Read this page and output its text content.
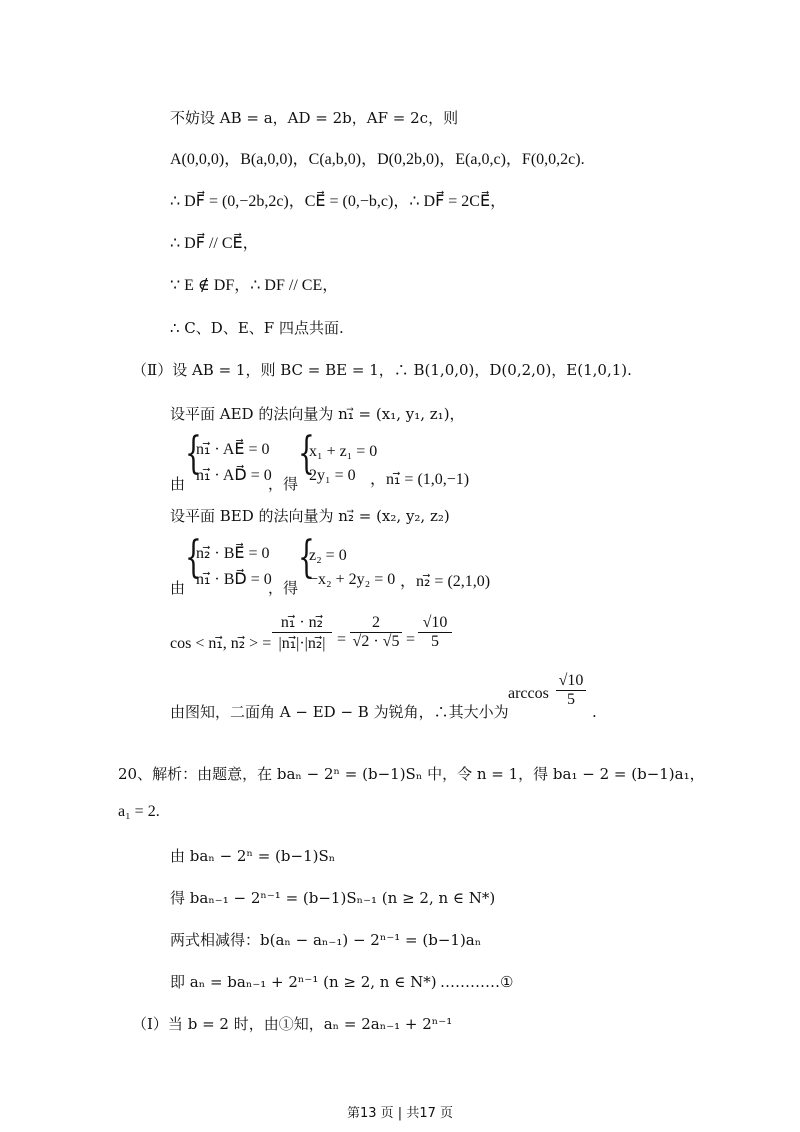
不妨设 AB = a，AD = 2b，AF = 2c，则
A(0,0,0)，B(a,0,0)，C(a,b,0)，D(0,2b,0)，E(a,0,c)，F(0,0,2c).
∴ DF⃗ = (0,−2b,2c)，CE⃗ = (0,−b,c)，∴ DF⃗ = 2CE⃗，
∴ DF⃗ // CE⃗，
∵ E ∉ DF，∴ DF // CE，
∴ C、D、E、F 四点共面.
（Ⅱ）设 AB = 1，则 BC = BE = 1，∴ B(1,0,0)，D(0,2,0)，E(1,0,1).
设平面 AED 的法向量为 n₁⃗ = (x₁, y₁, z₁)，
由
{
n₁⃗ · AE⃗ = 0
n₁⃗ · AD⃗ = 0
，得
{
x₁ + z₁ = 0
2y₁ = 0 ，n₁⃗ = (1,0,−1)
设平面 BED 的法向量为 n₂⃗ = (x₂, y₂, z₂)
由
{
n₂⃗ · BE⃗ = 0
n₁⃗ · BD⃗ = 0
，得
{
z₂ = 0
−x₂ + 2y₂ = 0 ，n₂⃗ = (2,1,0)
cos < n₁⃗, n₂⃗ > = $\frac{\text{n₁⃗ · n₂⃗}}{\text{|n₁⃗|·|n₂⃗|}} = \frac{2}{√2 \cdot √5} = \frac{√10}{5}$
由图知，二面角 A − ED − B 为锐角，∴其大小为
$\arccos \frac{√10}{5}$
.
20、解析：由题意，在 baₙ − 2ⁿ = (b−1)Sₙ 中，令 n = 1，得 ba₁ − 2 = (b−1)a₁，
a₁ = 2.
由 baₙ − 2ⁿ = (b−1)Sₙ
得 baₙ₋₁ − 2ⁿ⁻¹ = (b−1)Sₙ₋₁ (n ≥ 2, n ∈ N*)
两式相减得：b(aₙ − aₙ₋₁) − 2ⁿ⁻¹ = (b−1)aₙ
即 aₙ = baₙ₋₁ + 2ⁿ⁻¹ (n ≥ 2, n ∈ N*) …………①
（Ⅰ）当 b = 2 时，由①知，aₙ = 2aₙ₋₁ + 2ⁿ⁻¹
第13 页 | 共17 页
